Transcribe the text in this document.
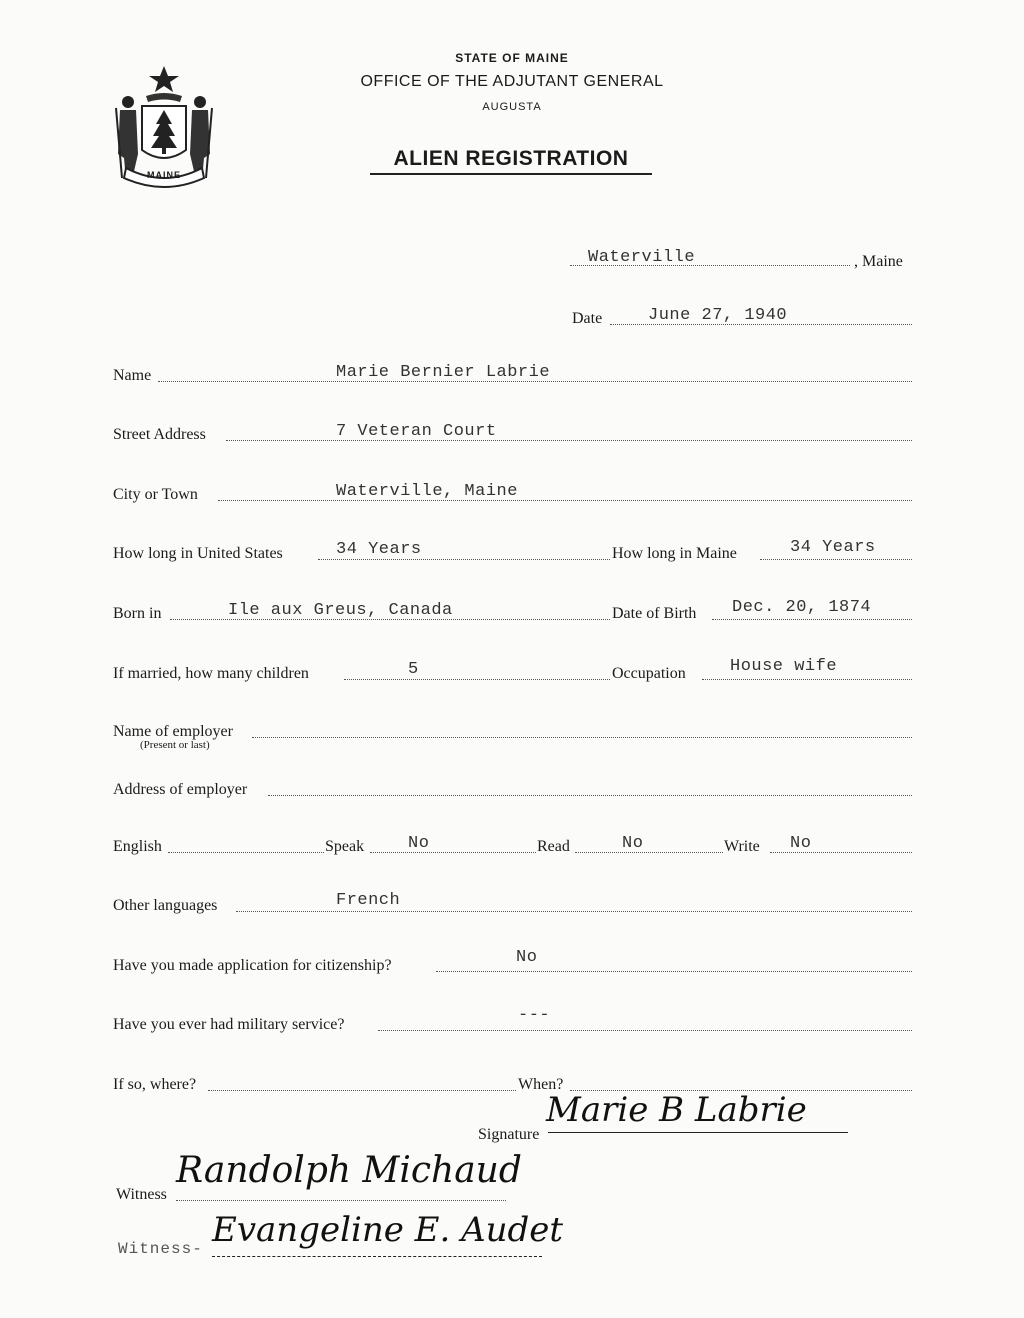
MAINE
STATE OF MAINE
OFFICE OF THE ADJUTANT GENERAL
AUGUSTA
ALIEN REGISTRATION
Waterville	, Maine
Date	June 27, 1940
Name	Marie Bernier Labrie
Street Address	7 Veteran Court
City or Town	Waterville, Maine
How long in United States	34 Years	How long in Maine	34 Years
Born in	Ile aux Greus, Canada	Date of Birth Dec. 20, 1874
If married, how many children	5	Occupation	House wife
Name of employer
(Present or last)
Address of employer
English	Speak	No	Read	No	Write No
Other languages	French
Have you made application for citizenship?	No
Have you ever had military service?	---
If so, where?	When?
Signature
Marie B Labrie
Witness
Randolph Michaud
Witness- Evangeline E. Audet
